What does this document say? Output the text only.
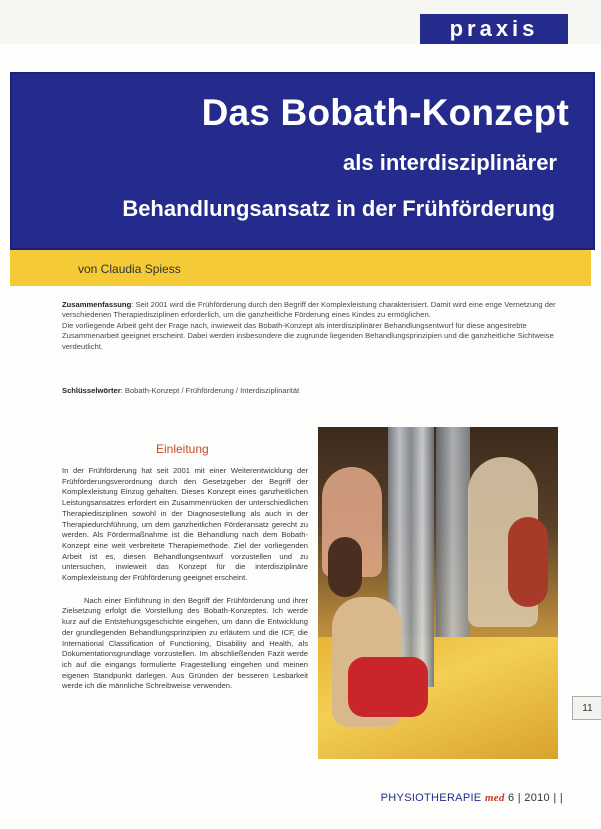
praxis
Das Bobath-Konzept
als interdisziplinärer
Behandlungsansatz in der Frühförderung
von Claudia Spiess

Zusammenfassung: Seit 2001 wird die Frühförderung durch den Begriff der Komplexleistung charakterisiert. Damit wird eine enge Vernetzung der verschiedenen Therapiedisziplinen erforderlich, um die ganzheitliche Förderung eines Kindes zu ermöglichen.

Die vorliegende Arbeit geht der Frage nach, inwieweit das Bobath-Konzept als interdisziplinärer Behandlungsentwurf für diese angestrebte Zusammenarbeit geeignet erscheint. Dabei werden insbesondere die zugrunde liegenden Behandlungsprinzipien und die ganzheitliche Sichtweise verdeutlicht.

Schlüsselwörter: Bobath-Konzept / Frühförderung / Interdisziplinarität
Einleitung

In der Frühförderung hat seit 2001 mit einer Weiterentwicklung der Frühförderungsverordnung durch den Gesetzgeber der Begriff der Komplexleistung Einzug gehalten. Dieses Konzept eines ganzheitlichen Leistungsansatzes erfordert ein Zusammenrücken der unterschiedlichen Therapiedisziplinen sowohl in der Diagnosestellung als auch in der Therapiedurchführung, um dem ganzheitlichen Förderansatz gerecht zu werden. Als Fördermaßnahme ist die Behandlung nach dem Bobath-Konzept eine weit verbreitete Therapiemethode. Ziel der vorliegenden Arbeit ist es, diesen Behandlungsentwurf vorzustellen und zu untersuchen, inwieweit das Konzept für die interdisziplinäre Komplexleistung der Frühförderung geeignet erscheint.

Nach einer Einführung in den Begriff der Frühförderung und ihrer Zielsetzung erfolgt die Vorstellung des Bobath-Konzeptes. Ich werde kurz auf die Entstehungsgeschichte eingehen, um dann die Entwicklung der grundlegenden Behandlungsprinzipien zu erläutern und die ICF, die International Classification of Functioning, Disability and Health, als Dokumentationsgrundlage vorzustellen. Im abschließenden Fazit werde ich auf die eingangs formulierte Fragestellung eingehen und meinen eigenen Standpunkt darlegen. Aus Gründen der besseren Lesbarkeit werde ich die männliche Schreibweise verwenden.

11
PHYSIOTHERAPIE med 6 | 2010 | |
